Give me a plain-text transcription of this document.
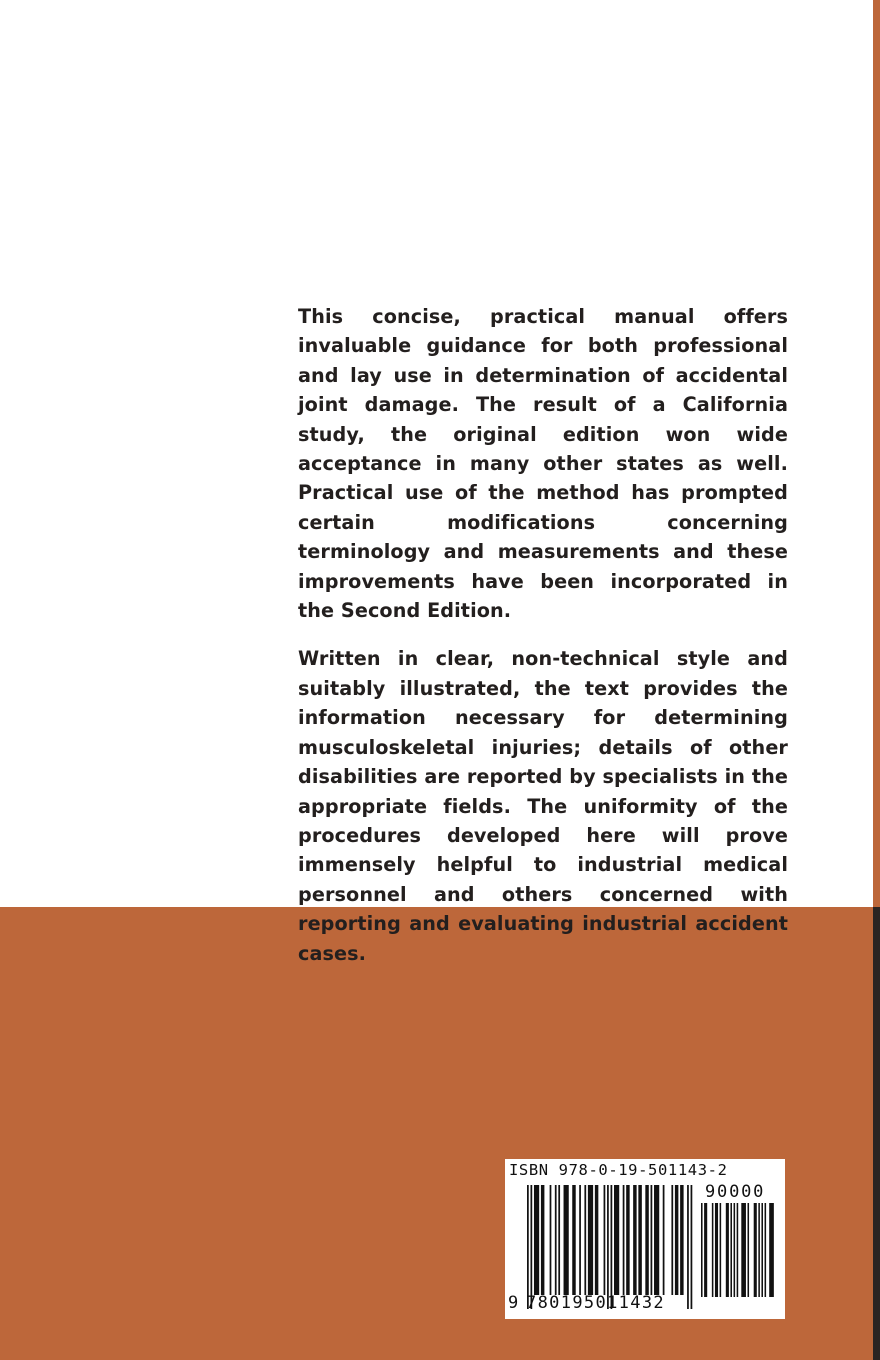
This concise, practical manual offers invaluable guidance for both professional and lay use in determination of accidental joint damage. The result of a California study, the original edition won wide acceptance in many other states as well. Practical use of the method has prompted certain modifications concerning terminology and measurements and these improvements have been incorporated in the Second Edition.

Written in clear, non-technical style and suitably illustrated, the text provides the information necessary for determining musculoskeletal injuries; details of other disabilities are reported by specialists in the appropriate fields. The uniformity of the procedures developed here will prove immensely helpful to industrial medical personnel and others concerned with reporting and evaluating industrial accident cases.

ISBN 978-0-19-501143-2
90000
9 780195011432
